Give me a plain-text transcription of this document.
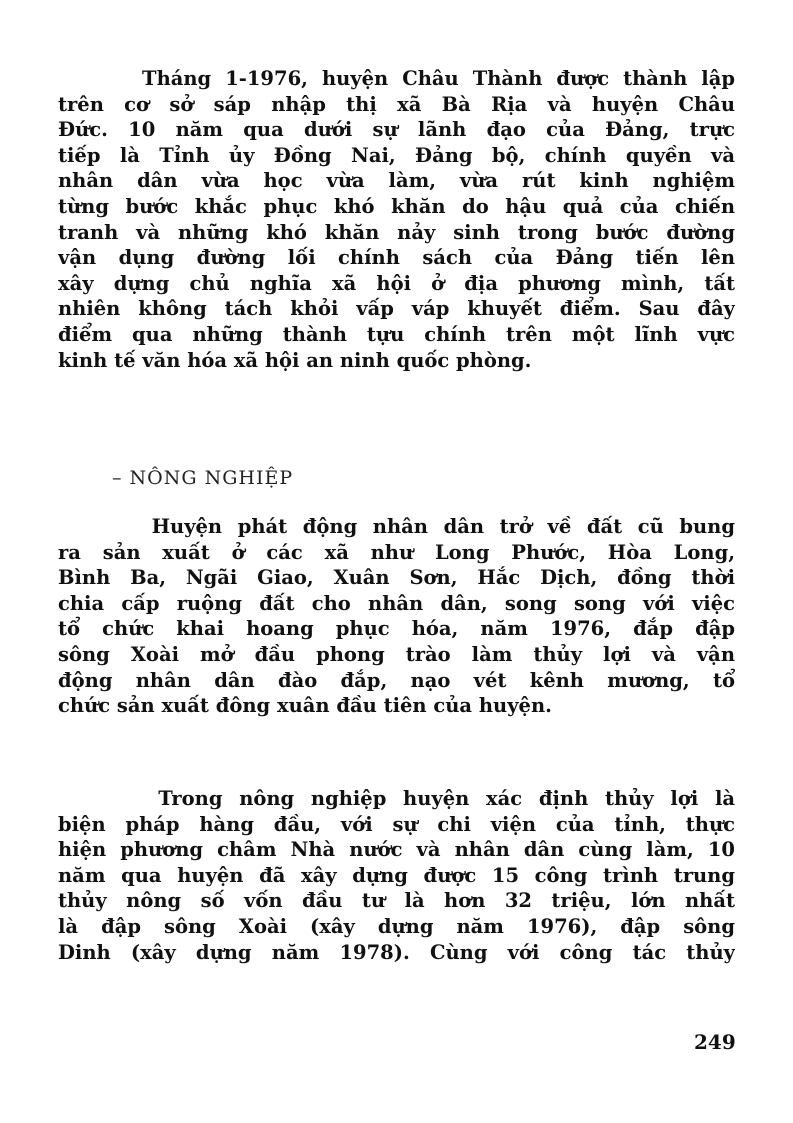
Tháng 1-1976, huyện Châu Thành được thành lập
trên cơ sở sáp nhập thị xã Bà Rịa và huyện Châu
Đức. 10 năm qua dưới sự lãnh đạo của Đảng, trực
tiếp là Tỉnh ủy Đồng Nai, Đảng bộ, chính quyền và
nhân dân vừa học vừa làm, vừa rút kinh nghiệm
từng bước khắc phục khó khăn do hậu quả của chiến
tranh và những khó khăn nảy sinh trong bước đường
vận dụng đường lối chính sách của Đảng tiến lên
xây dựng chủ nghĩa xã hội ở địa phương mình, tất
nhiên không tách khỏi vấp váp khuyết điểm. Sau đây
điểm qua những thành tựu chính trên một lĩnh vực
kinh tế văn hóa xã hội an ninh quốc phòng.
– NÔNG NGHIỆP
Huyện phát động nhân dân trở về đất cũ bung
ra sản xuất ở các xã như Long Phước, Hòa Long,
Bình Ba, Ngãi Giao, Xuân Sơn, Hắc Dịch, đồng thời
chia cấp ruộng đất cho nhân dân, song song với việc
tổ chức khai hoang phục hóa, năm 1976, đắp đập
sông Xoài mở đầu phong trào làm thủy lợi và vận
động nhân dân đào đắp, nạo vét kênh mương, tổ
chức sản xuất đông xuân đầu tiên của huyện.
Trong nông nghiệp huyện xác định thủy lợi là
biện pháp hàng đầu, với sự chi viện của tỉnh, thực
hiện phương châm Nhà nước và nhân dân cùng làm, 10
năm qua huyện đã xây dựng được 15 công trình trung
thủy nông số vốn đầu tư là hơn 32 triệu, lớn nhất
là đập sông Xoài (xây dựng năm 1976), đập sông
Dinh (xây dựng năm 1978). Cùng với công tác thủy
249
